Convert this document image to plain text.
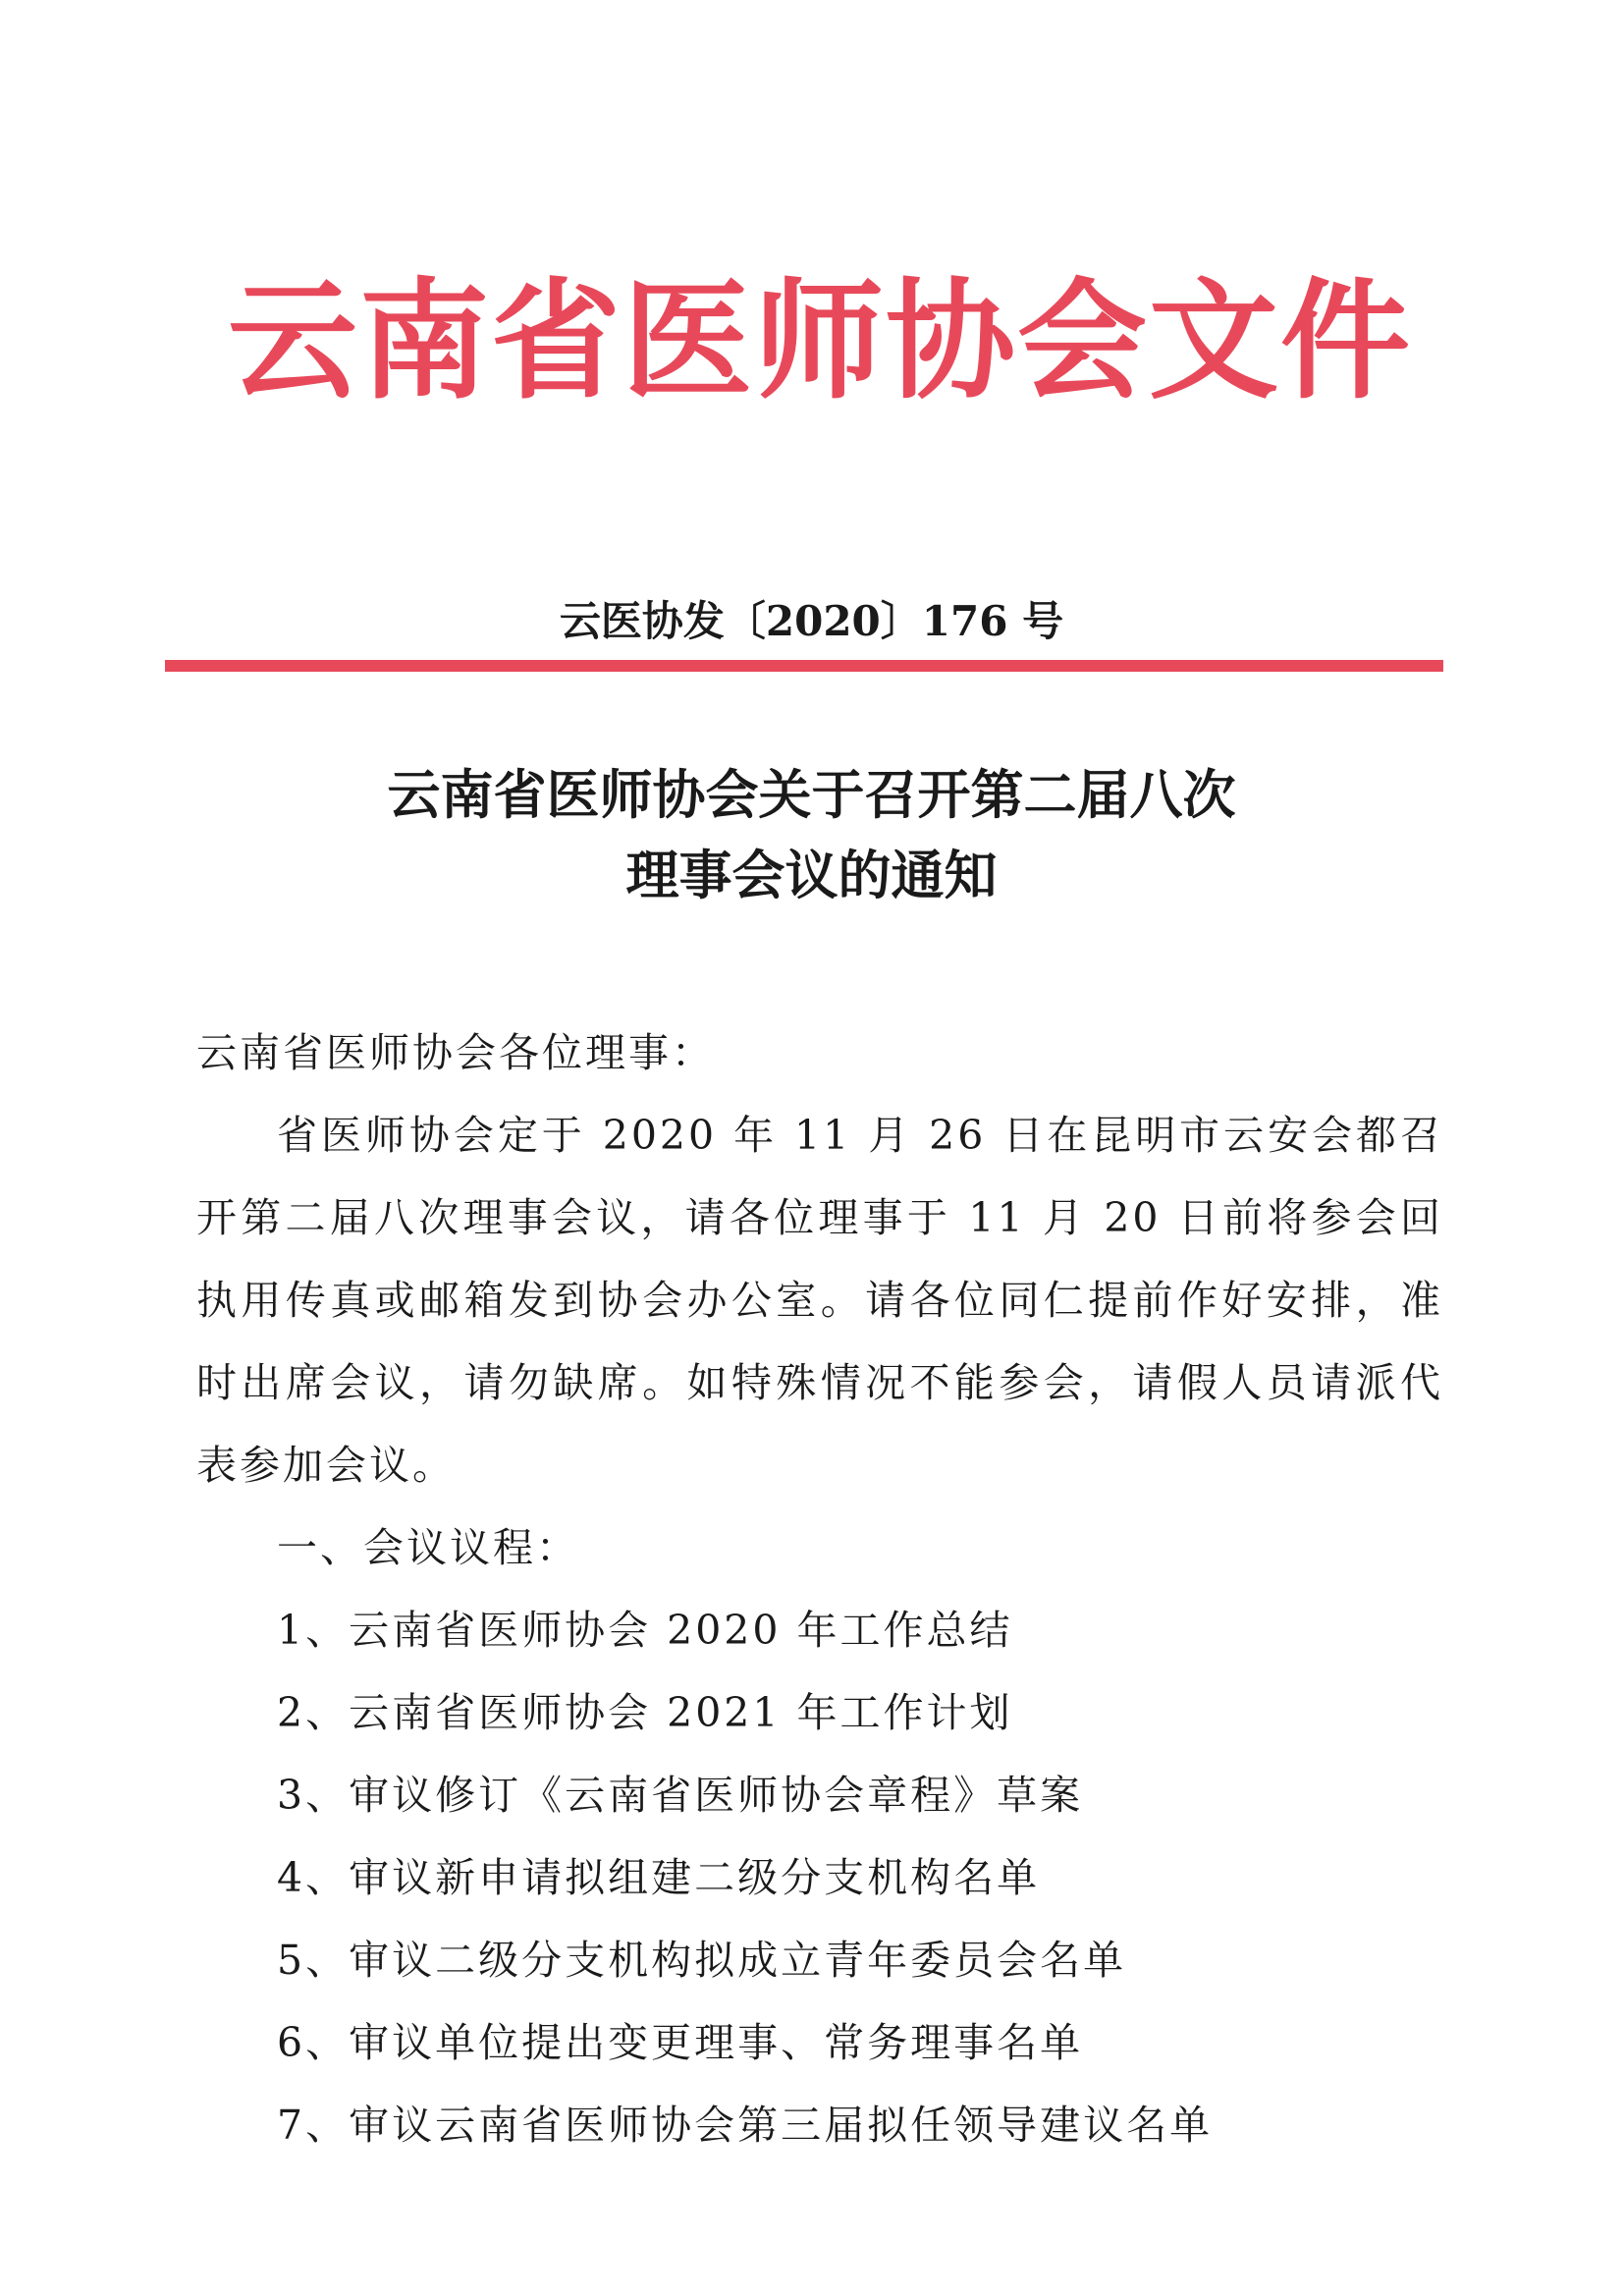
云南省医师协会文件
云医协发〔2020〕176 号
云南省医师协会关于召开第二届八次
理事会议的通知

云南省医师协会各位理事：

省医师协会定于 2020 年 11 月 26 日在昆明市云安会都召开第二届八次理事会议，请各位理事于 11 月 20 日前将参会回执用传真或邮箱发到协会办公室。请各位同仁提前作好安排，准时出席会议，请勿缺席。如特殊情况不能参会，请假人员请派代表参加会议。

一、会议议程：

1、云南省医师协会 2020 年工作总结
2、云南省医师协会 2021 年工作计划
3、审议修订《云南省医师协会章程》草案
4、审议新申请拟组建二级分支机构名单
5、审议二级分支机构拟成立青年委员会名单
6、审议单位提出变更理事、常务理事名单
7、审议云南省医师协会第三届拟任领导建议名单
